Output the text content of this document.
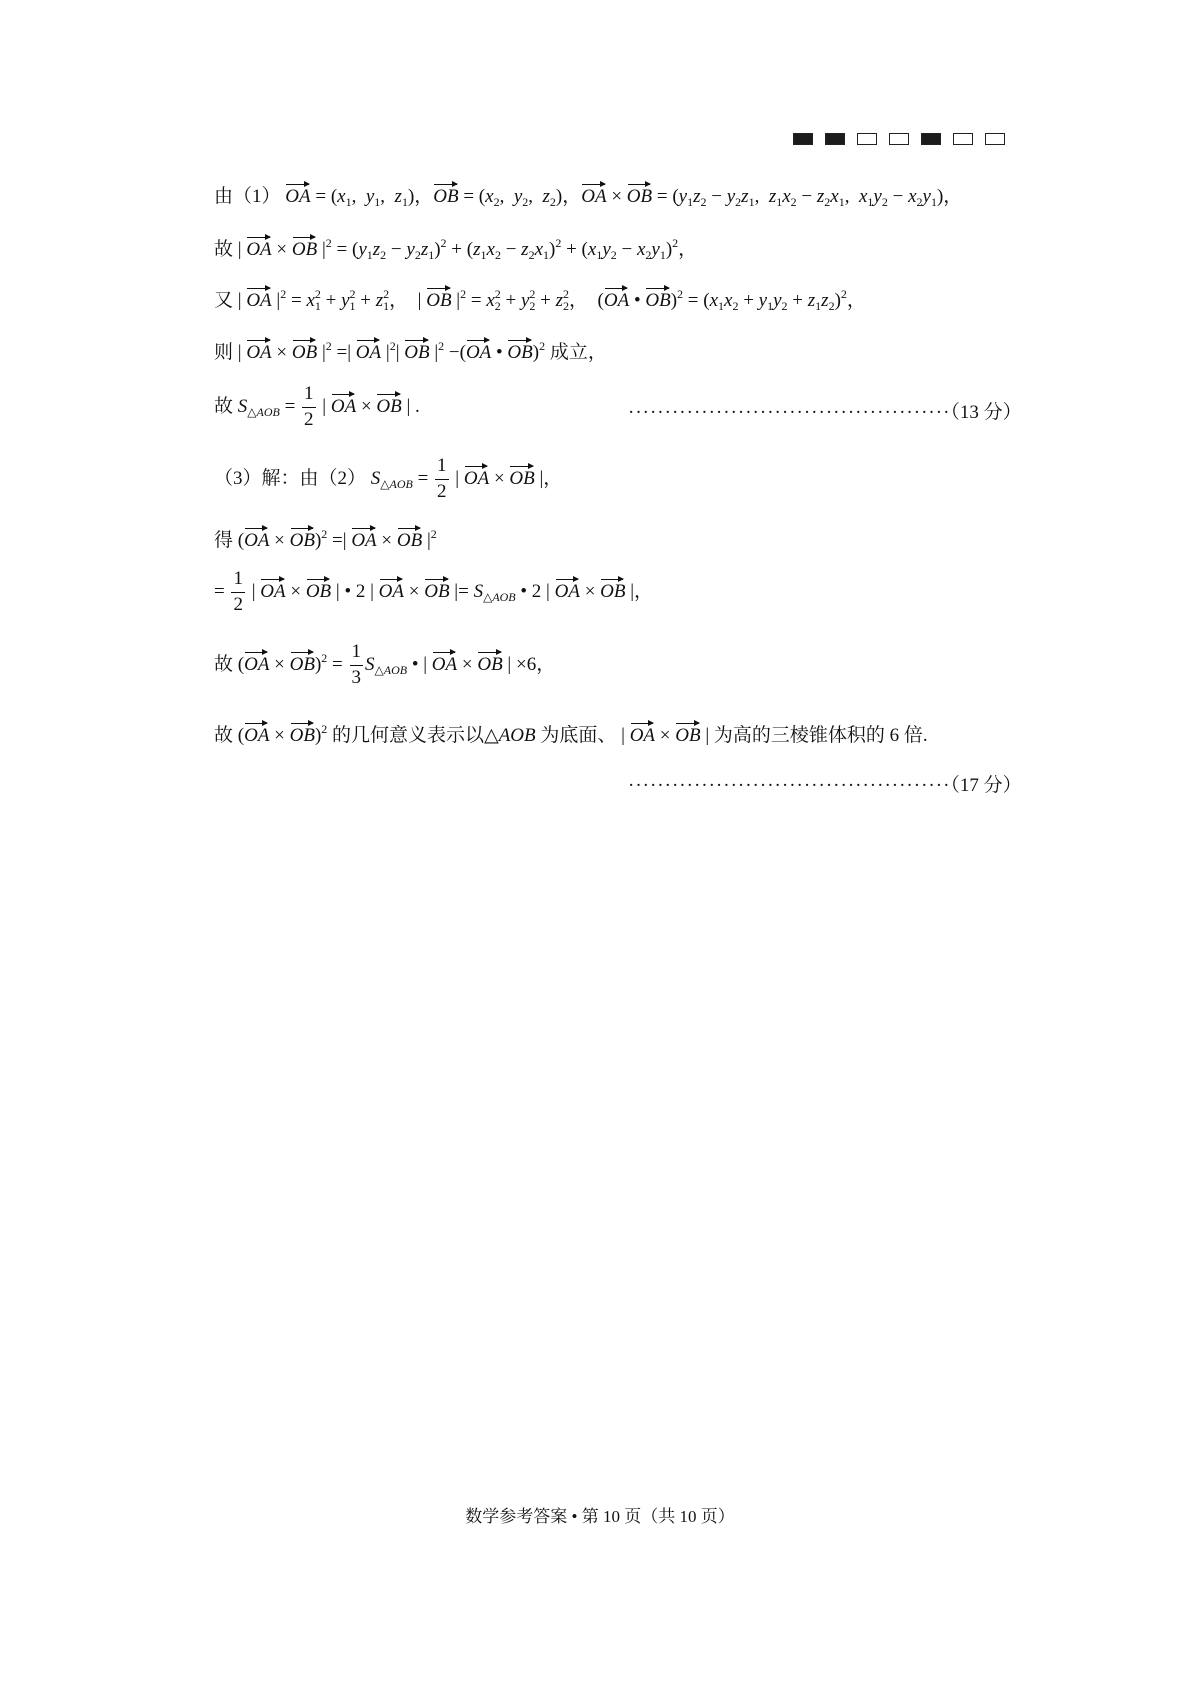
由（1） OA = ($x_1$,  $y_1$,  $z_1$)，OB = ($x_2$,  $y_2$,  $z_2$)，OA × OB = ($y_1z_2 - y_2z_1$,  $z_1x_2 - z_2x_1$,  $x_1y_2 - x_2y_1$)，
故 | OA × OB $|^2 = (y_1z_2 - y_2z_1)^2 + (z_1x_2 - z_2x_1)^2 + (x_1y_2 - x_2y_1)^2$，
又 | OA $|^2 = x_1^2 + y_1^2 + z_1^2$，  | OB $|^2 = x_2^2 + y_2^2 + z_2^2$，  (OA • $OB)^2 = (x_1x_2 + y_1y_2 + z_1z_2)^2$，
则 | OA × OB $|^2$ =| OA $|^2|$ OB $|^2 -(OA$ • OB)$^2$ 成立，
故 $S_{\triangle AOB} = \frac{1}{2}$ | OA × OB | .	············································（13 分）
（3）解：由（2） $S_{\triangle AOB} = \frac{1}{2}$ | OA × OB |，
得 (OA × OB)$^2$ =| OA × OB $|^2$
= $\frac{1}{2}$ | OA × OB | • 2 | OA × OB |= $S_{\triangle AOB}$ • 2 | OA × OB |，
故 $(OA \times OB)^2 = \frac{1}{3} S_{\triangle AOB}$ • | OA × OB | ×6，
故 (OA × OB)$^2$ 的几何意义表示以△AOB 为底面、 | OA × OB | 为高的三棱锥体积的 6 倍.
············································（17 分）
数学参考答案 • 第 10 页（共 10 页）
